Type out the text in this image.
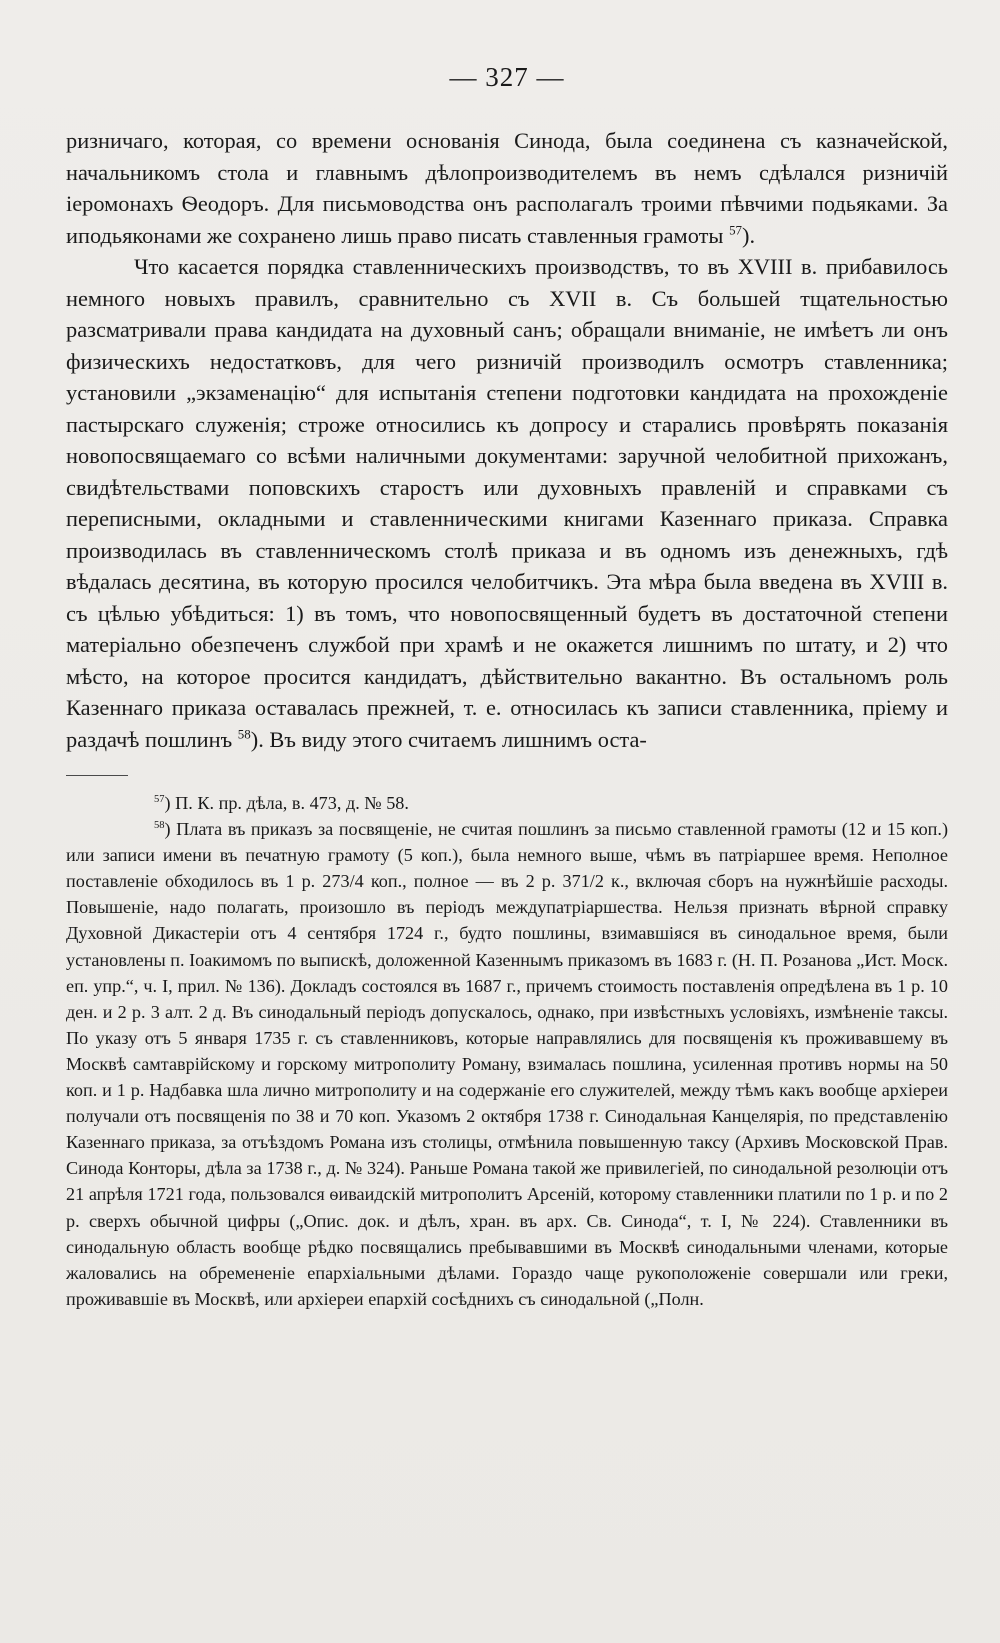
— 327 —

ризничаго, которая, со времени основанія Синода, была соединена съ казначейской, начальникомъ стола и главнымъ дѣлопроизводителемъ въ немъ сдѣлался ризничій іеромонахъ Ѳеодоръ. Для письмоводства онъ располагалъ троими пѣвчими подьяками. За иподьяконами же сохранено лишь право писать ставленныя грамоты $^{57}$).

Что касается порядка ставленническихъ производствъ, то въ XVIII в. прибавилось немного новыхъ правилъ, сравнительно съ XVII в. Съ большей тщательностью разсматривали права кандидата на духовный санъ; обращали вниманіе, не имѣетъ ли онъ физическихъ недостатковъ, для чего ризничій производилъ осмотръ ставленника; установили „экзаменацію“ для испытанія степени подготовки кандидата на прохожденіе пастырскаго служенія; строже относились къ допросу и старались провѣрять показанія новопосвящаемаго со всѣми наличными документами: заручной челобитной прихожанъ, свидѣтельствами поповскихъ старостъ или духовныхъ правленій и справками съ переписными, окладными и ставленническими книгами Казеннаго приказа. Справка производилась въ ставленническомъ столѣ приказа и въ одномъ изъ денежныхъ, гдѣ вѣдалась десятина, въ которую просился челобитчикъ. Эта мѣра была введена въ XVIII в. съ цѣлью убѣдиться: 1) въ томъ, что новопосвященный будетъ въ достаточной степени матеріально обезпеченъ службой при храмѣ и не окажется лишнимъ по штату, и 2) что мѣсто, на которое просится кандидатъ, дѣйствительно вакантно. Въ остальномъ роль Казеннаго приказа оставалась прежней, т. е. относилась къ записи ставленника, пріему и раздачѣ пошлинъ $^{58}$). Въ виду этого считаемъ лишнимъ оста-

$^{57}$) П. К. пр. дѣла, в. 473, д. № 58.

$^{58}$) Плата въ приказъ за посвященіе, не считая пошлинъ за письмо ставленной грамоты (12 и 15 коп.) или записи имени въ печатную грамоту (5 коп.), была немного выше, чѣмъ въ патріаршее время. Неполное поставленіе обходилось въ 1 р. 273/4 коп., полное — въ 2 р. 371/2 к., включая сборъ на нужнѣйшіе расходы. Повышеніе, надо полагать, произошло въ періодъ междупатріаршества. Нельзя признать вѣрной справку Духовной Дикастеріи отъ 4 сентября 1724 г., будто пошлины, взимавшіяся въ синодальное время, были установлены п. Іоакимомъ по выпискѣ, доложенной Казеннымъ приказомъ въ 1683 г. (Н. П. Розанова „Ист. Моск. еп. упр.“, ч. I, прил. № 136). Докладъ состоялся въ 1687 г., причемъ стоимость поставленія опредѣлена въ 1 р. 10 ден. и 2 р. 3 алт. 2 д. Въ синодальный періодъ допускалось, однако, при извѣстныхъ условіяхъ, измѣненіе таксы. По указу отъ 5 января 1735 г. съ ставленниковъ, которые направлялись для посвященія къ проживавшему въ Москвѣ самтаврійскому и горскому митрополиту Роману, взималась пошлина, усиленная противъ нормы на 50 коп. и 1 р. Надбавка шла лично митрополиту и на содержаніе его служителей, между тѣмъ какъ вообще архіереи получали отъ посвященія по 38 и 70 коп. Указомъ 2 октября 1738 г. Синодальная Канцелярія, по представленію Казеннаго приказа, за отъѣздомъ Романа изъ столицы, отмѣнила повышенную таксу (Архивъ Московской Прав. Синода Конторы, дѣла за 1738 г., д. № 324). Раньше Романа такой же привилегіей, по синодальной резолюціи отъ 21 апрѣля 1721 года, пользовался ѳиваидскій митрополитъ Арсеній, которому ставленники платили по 1 р. и по 2 р. сверхъ обычной цифры („Опис. док. и дѣлъ, хран. въ арх. Св. Синода“, т. I, № 224). Ставленники въ синодальную область вообще рѣдко посвящались пребывавшими въ Москвѣ синодальными членами, которые жаловались на обремененіе епархіальными дѣлами. Гораздо чаще рукоположеніе совершали или греки, проживавшіе въ Москвѣ, или архіереи епархій сосѣднихъ съ синодальной („Полн.
